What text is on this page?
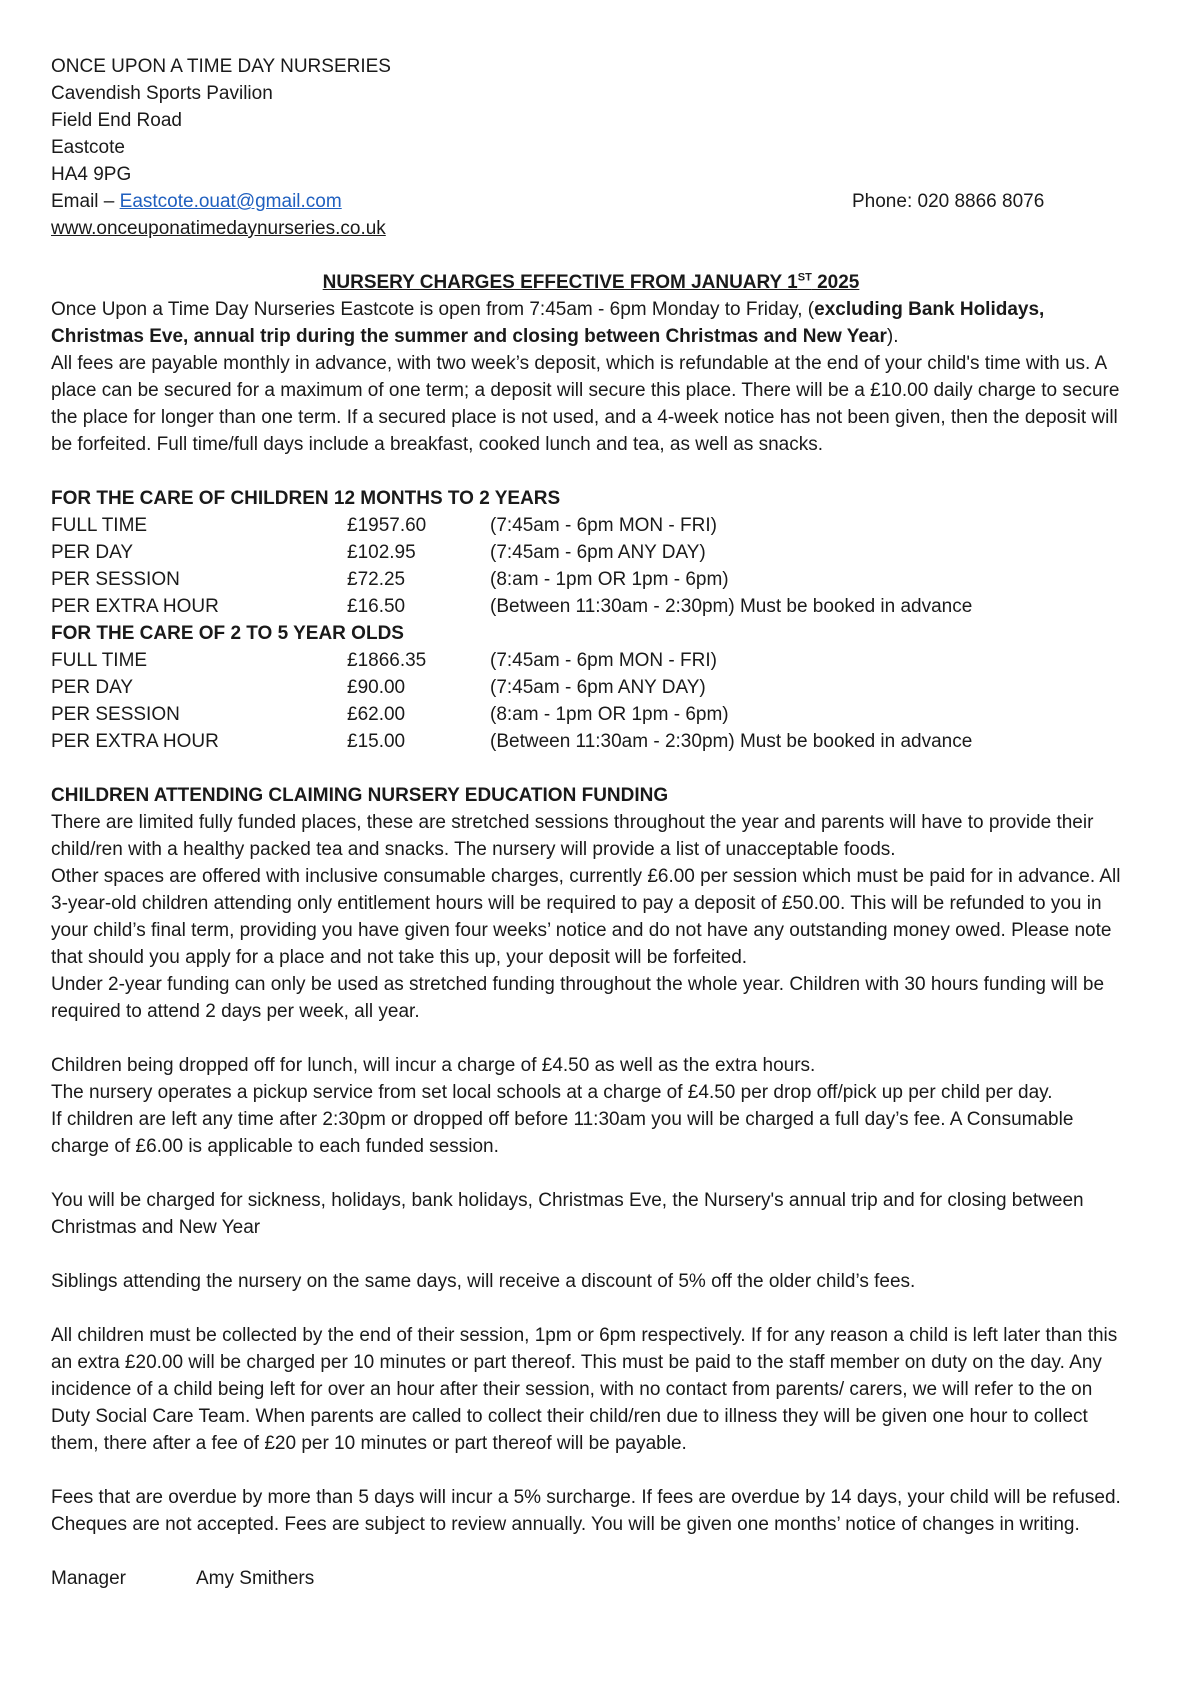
ONCE UPON A TIME DAY NURSERIES

Cavendish Sports Pavilion

Field End Road

Eastcote

HA4 9PG

Email – Eastcote.ouat@gmail.com	Phone: 020 8866 8076

www.onceuponatimedaynurseries.co.uk

NURSERY CHARGES EFFECTIVE FROM JANUARY 1ST 2025

Once Upon a Time Day Nurseries Eastcote is open from 7:45am - 6pm Monday to Friday, (excluding Bank Holidays, Christmas Eve, annual trip during the summer and closing between Christmas and New Year).

All fees are payable monthly in advance, with two week’s deposit, which is refundable at the end of your child's time with us. A place can be secured for a maximum of one term; a deposit will secure this place. There will be a £10.00 daily charge to secure the place for longer than one term. If a secured place is not used, and a 4-week notice has not been given, then the deposit will be forfeited. Full time/full days include a breakfast, cooked lunch and tea, as well as snacks.

FOR THE CARE OF CHILDREN 12 MONTHS TO 2 YEARS

FULL TIME	£1957.60	(7:45am - 6pm MON - FRI)
PER DAY	£102.95	(7:45am - 6pm ANY DAY)
PER SESSION	£72.25	(8:am - 1pm OR 1pm - 6pm)
PER EXTRA HOUR	£16.50	(Between 11:30am - 2:30pm) Must be booked in advance

FOR THE CARE OF 2 TO 5 YEAR OLDS

FULL TIME	£1866.35	(7:45am - 6pm MON - FRI)
PER DAY	£90.00	(7:45am - 6pm ANY DAY)
PER SESSION	£62.00	(8:am - 1pm OR 1pm - 6pm)
PER EXTRA HOUR	£15.00	(Between 11:30am - 2:30pm) Must be booked in advance

CHILDREN ATTENDING CLAIMING NURSERY EDUCATION FUNDING

There are limited fully funded places, these are stretched sessions throughout the year and parents will have to provide their child/ren with a healthy packed tea and snacks. The nursery will provide a list of unacceptable foods.

Other spaces are offered with inclusive consumable charges, currently £6.00 per session which must be paid for in advance. All 3-year-old children attending only entitlement hours will be required to pay a deposit of £50.00. This will be refunded to you in your child’s final term, providing you have given four weeks’ notice and do not have any outstanding money owed. Please note that should you apply for a place and not take this up, your deposit will be forfeited.

Under 2-year funding can only be used as stretched funding throughout the whole year. Children with 30 hours funding will be required to attend 2 days per week, all year.

Children being dropped off for lunch, will incur a charge of £4.50 as well as the extra hours.

The nursery operates a pickup service from set local schools at a charge of £4.50 per drop off/pick up per child per day.

If children are left any time after 2:30pm or dropped off before 11:30am you will be charged a full day’s fee. A Consumable charge of £6.00 is applicable to each funded session.

You will be charged for sickness, holidays, bank holidays, Christmas Eve, the Nursery's annual trip and for closing between Christmas and New Year

Siblings attending the nursery on the same days, will receive a discount of 5% off the older child’s fees.

All children must be collected by the end of their session, 1pm or 6pm respectively. If for any reason a child is left later than this an extra £20.00 will be charged per 10 minutes or part thereof. This must be paid to the staff member on duty on the day. Any incidence of a child being left for over an hour after their session, with no contact from parents/ carers, we will refer to the on Duty Social Care Team. When parents are called to collect their child/ren due to illness they will be given one hour to collect them, there after a fee of £20 per 10 minutes or part thereof will be payable.

Fees that are overdue by more than 5 days will incur a 5% surcharge. If fees are overdue by 14 days, your child will be refused. Cheques are not accepted. Fees are subject to review annually. You will be given one months’ notice of changes in writing.

Manager	Amy Smithers
